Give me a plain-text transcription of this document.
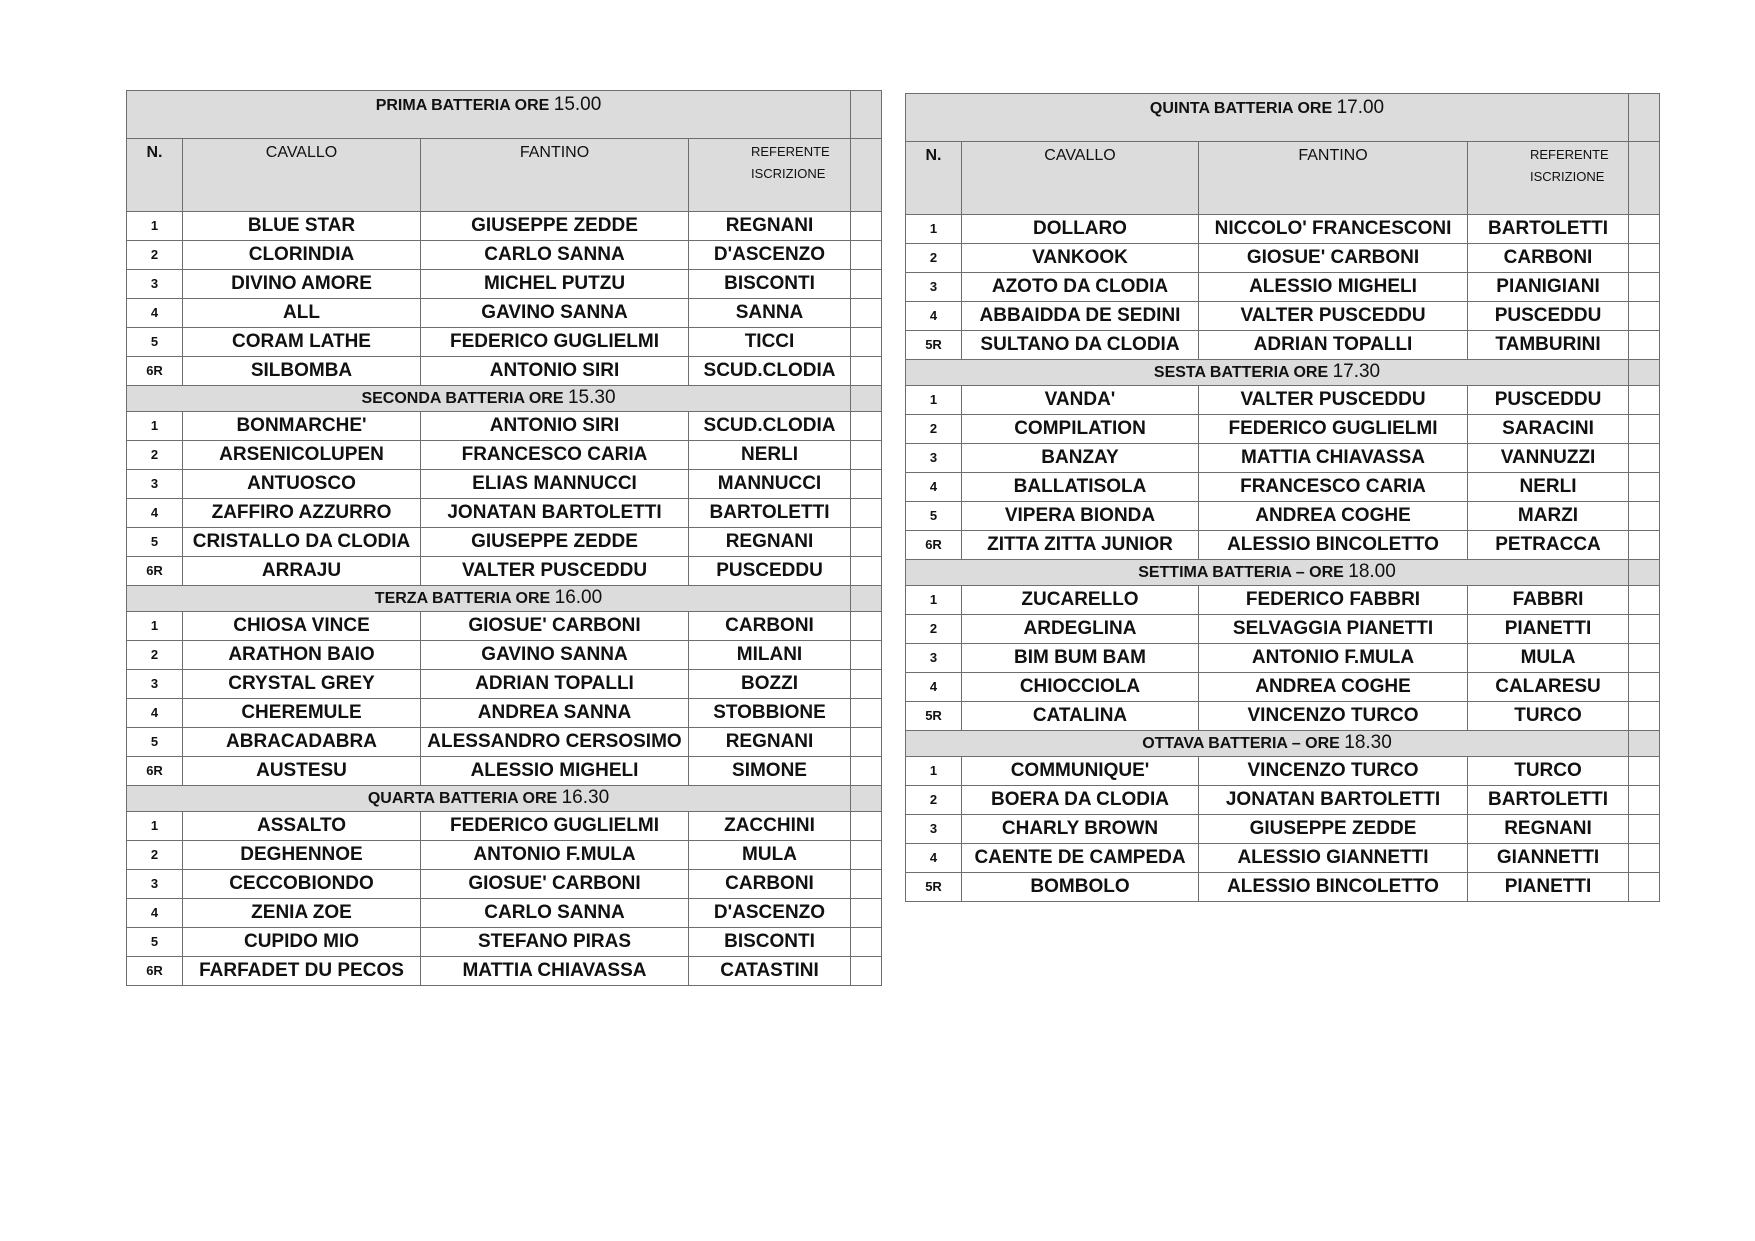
PRIMA BATTERIA ORE 15.00				
N.	CAVALLO	FANTINO	REFERENTE
ISCRIZIONE	

1	BLUE STAR	GIUSEPPE ZEDDE	REGNANI	
2	CLORINDIA	CARLO SANNA	D'ASCENZO	
3	DIVINO AMORE	MICHEL PUTZU	BISCONTI	
4	ALL	GAVINO SANNA	SANNA	
5	CORAM LATHE	FEDERICO GUGLIELMI	TICCI	
6R	SILBOMBA	ANTONIO SIRI	SCUD.CLODIA	
SECONDA BATTERIA ORE 15.30				
1	BONMARCHE'	ANTONIO SIRI	SCUD.CLODIA	
2	ARSENICOLUPEN	FRANCESCO CARIA	NERLI	
3	ANTUOSCO	ELIAS MANNUCCI	MANNUCCI	
4	ZAFFIRO AZZURRO	JONATAN BARTOLETTI	BARTOLETTI	
5	CRISTALLO DA CLODIA	GIUSEPPE ZEDDE	REGNANI	
6R	ARRAJU	VALTER PUSCEDDU	PUSCEDDU	
TERZA BATTERIA ORE 16.00				
1	CHIOSA VINCE	GIOSUE' CARBONI	CARBONI	
2	ARATHON BAIO	GAVINO SANNA	MILANI	
3	CRYSTAL GREY	ADRIAN TOPALLI	BOZZI	
4	CHEREMULE	ANDREA SANNA	STOBBIONE	
5	ABRACADABRA	ALESSANDRO CERSOSIMO	REGNANI	
6R	AUSTESU	ALESSIO MIGHELI	SIMONE	
QUARTA BATTERIA ORE 16.30				
1	ASSALTO	FEDERICO GUGLIELMI	ZACCHINI	
2	DEGHENNOE	ANTONIO F.MULA	MULA	
3	CECCOBIONDO	GIOSUE' CARBONI	CARBONI	
4	ZENIA ZOE	CARLO SANNA	D'ASCENZO	
5	CUPIDO MIO	STEFANO PIRAS	BISCONTI	
6R	FARFADET DU PECOS	MATTIA CHIAVASSA	CATASTINI	
QUINTA BATTERIA ORE 17.00				
N.	CAVALLO	FANTINO	REFERENTE
ISCRIZIONE	

1	DOLLARO	NICCOLO' FRANCESCONI	BARTOLETTI	
2	VANKOOK	GIOSUE' CARBONI	CARBONI	
3	AZOTO DA CLODIA	ALESSIO MIGHELI	PIANIGIANI	
4	ABBAIDDA DE SEDINI	VALTER PUSCEDDU	PUSCEDDU	
5R	SULTANO DA CLODIA	ADRIAN TOPALLI	TAMBURINI	
SESTA BATTERIA ORE 17.30				
1	VANDA'	VALTER PUSCEDDU	PUSCEDDU	
2	COMPILATION	FEDERICO GUGLIELMI	SARACINI	
3	BANZAY	MATTIA CHIAVASSA	VANNUZZI	
4	BALLATISOLA	FRANCESCO CARIA	NERLI	
5	VIPERA BIONDA	ANDREA COGHE	MARZI	
6R	ZITTA ZITTA JUNIOR	ALESSIO BINCOLETTO	PETRACCA	
SETTIMA BATTERIA – ORE 18.00				
1	ZUCARELLO	FEDERICO FABBRI	FABBRI	
2	ARDEGLINA	SELVAGGIA PIANETTI	PIANETTI	
3	BIM BUM BAM	ANTONIO F.MULA	MULA	
4	CHIOCCIOLA	ANDREA COGHE	CALARESU	
5R	CATALINA	VINCENZO TURCO	TURCO	
OTTAVA BATTERIA – ORE 18.30				
1	COMMUNIQUE'	VINCENZO TURCO	TURCO	
2	BOERA DA CLODIA	JONATAN BARTOLETTI	BARTOLETTI	
3	CHARLY BROWN	GIUSEPPE ZEDDE	REGNANI	
4	CAENTE DE CAMPEDA	ALESSIO GIANNETTI	GIANNETTI	
5R	BOMBOLO	ALESSIO BINCOLETTO	PIANETTI	
